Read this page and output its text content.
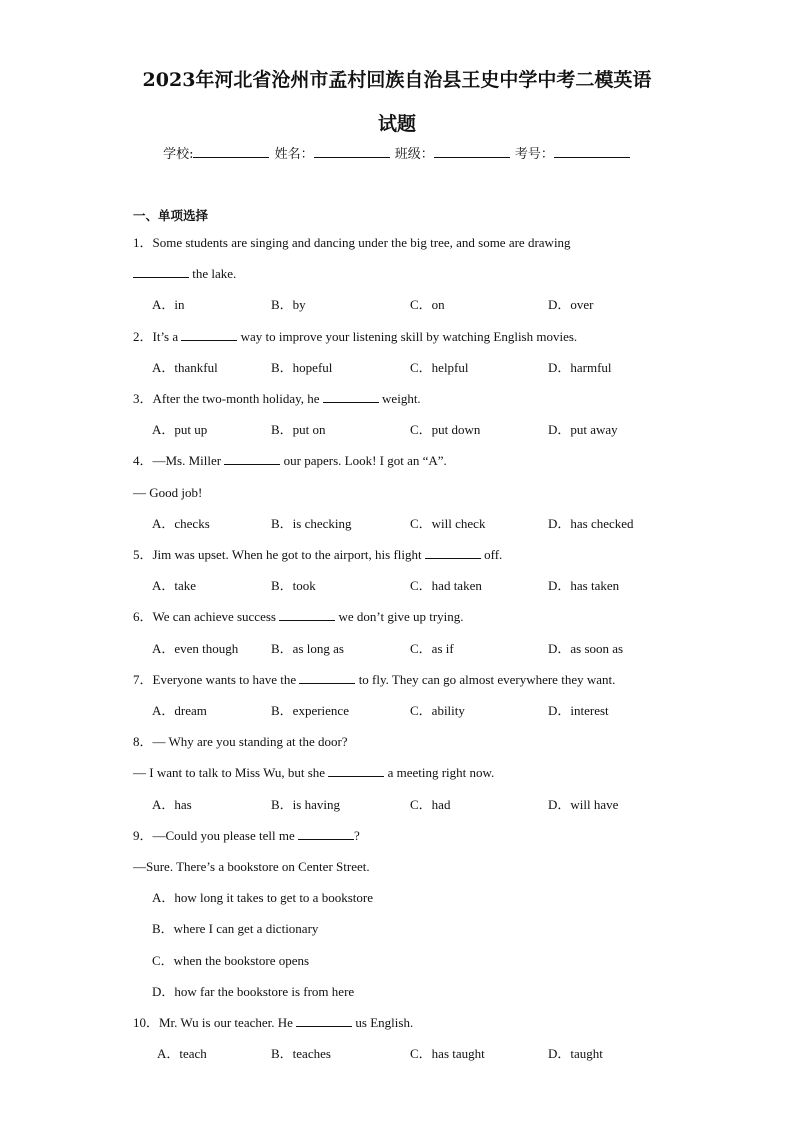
2023年河北省沧州市孟村回族自治县王史中学中考二模英语
试题
学校:	姓名：	班级：	考号：
一、单项选择
1．Some students are singing and dancing under the big tree, and some are drawing
the lake.
A．in	B．by	C．on	D．over
2．It’s a	way to improve your listening skill by watching English movies.
A．thankful	B．hopeful	C．helpful	D．harmful
3．After the two-month holiday, he	weight.
A．put up	B．put on	C．put down	D．put away
4．—Ms. Miller	our papers. Look! I got an “A”.
— Good job!
A．checks	B．is checking	C．will check	D．has checked
5．Jim was upset. When he got to the airport, his flight	off.
A．take	B．took	C．had taken	D．has taken
6．We can achieve success	we don’t give up trying.
A．even though	B．as long as	C．as if	D．as soon as
7．Everyone wants to have the	to fly. They can go almost everywhere they want.
A．dream	B．experience	C．ability	D．interest
8．— Why are you standing at the door?
— I want to talk to Miss Wu, but she	a meeting right now.
A．has	B．is having	C．had	D．will have
9．—Could you please tell me	?
—Sure. There’s a bookstore on Center Street.
A．how long it takes to get to a bookstore
B．where I can get a dictionary
C．when the bookstore opens
D．how far the bookstore is from here
10．Mr. Wu is our teacher. He	us English.
A．teach	B．teaches	C．has taught	D．taught
